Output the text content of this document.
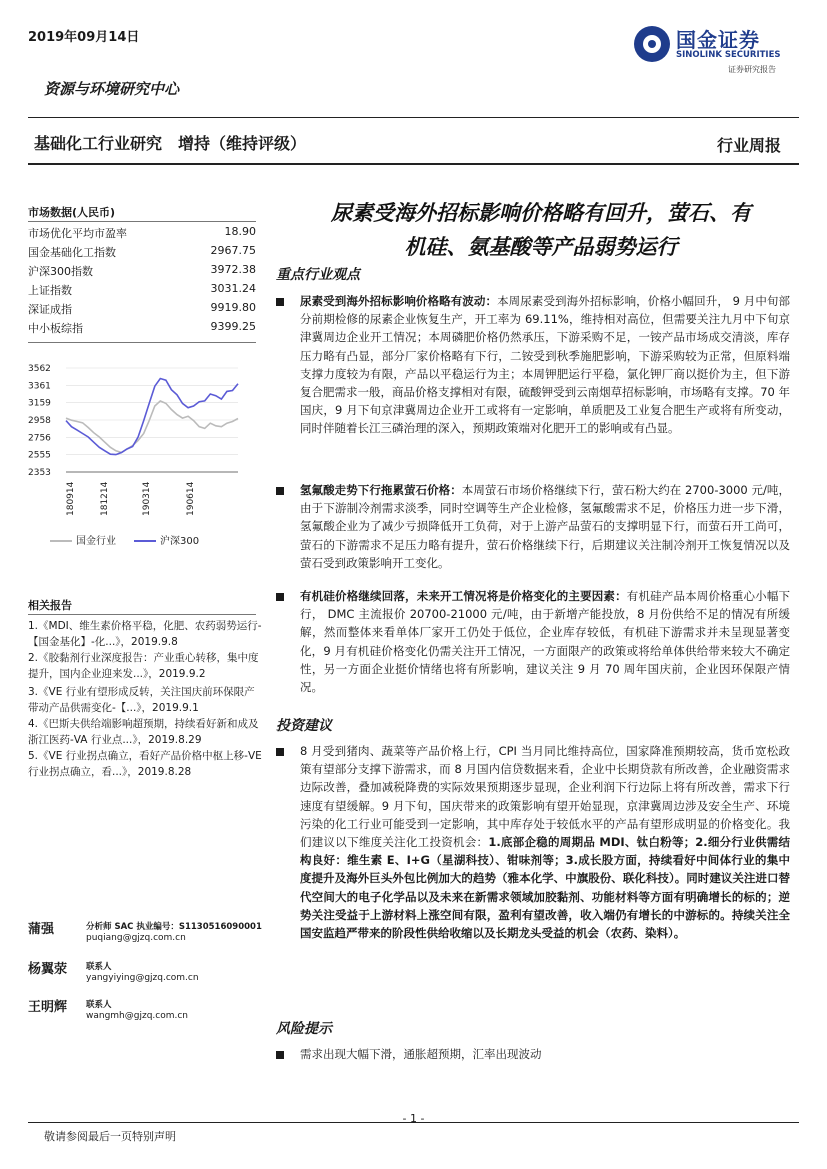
2019年09月14日	国金证券
SINOLINK SECURITIES
证券研究报告
资源与环境研究中心
基础化工行业研究　增持（维持评级）	行业周报
市场数据(人民币)
市场优化平均市盈率	18.90
国金基础化工指数	2967.75
沪深300指数	3972.38
上证指数	3031.24
深证成指	9919.80
中小板综指	9399.25
3562
3361
3159
2958
2756
2555
2353
180914	181214	190314	190614
国金行业	沪深300
相关报告
1.《MDI、维生素价格平稳，化肥、农药弱势运行-【国金基化】-化...》，2019.9.8
2.《胶黏剂行业深度报告：产业重心转移，集中度提升，国内企业迎来发...》，2019.9.2
3.《VE 行业有望形成反转，关注国庆前环保限产带动产品供需变化-【...》，2019.9.1
4.《巴斯夫供给端影响超预期，持续看好新和成及浙江医药-VA 行业点...》，2019.8.29
5.《VE 行业拐点确立，看好产品价格中枢上移-VE 行业拐点确立，看...》，2019.8.28
蒲强	分析师 SAC 执业编号：S1130516090001
puqiang@gjzq.com.cn
杨翼荥 联系人
yangyiying@gjzq.com.cn
王明辉 联系人
wangmh@gjzq.com.cn
尿素受海外招标影响价格略有回升，萤石、有
机硅、氨基酸等产品弱势运行
重点行业观点
尿素受到海外招标影响价格略有波动：本周尿素受到海外招标影响，价格小幅回升， 9 月中旬部分前期检修的尿素企业恢复生产，开工率为 69.11%，维持相对高位，但需要关注九月中下旬京津冀周边企业开工情况；本周磷肥价格仍然承压，下游采购不足，一铵产品市场成交清淡，库存压力略有凸显，部分厂家价格略有下行，二铵受到秋季施肥影响，下游采购较为正常，但原料端支撑力度较为有限，产品以平稳运行为主；本周钾肥运行平稳，氯化钾厂商以挺价为主，但下游复合肥需求一般，商品价格支撑相对有限，硫酸钾受到云南烟草招标影响，市场略有支撑。70 年国庆，9 月下旬京津冀周边企业开工或将有一定影响，单质肥及工业复合肥生产或将有所变动，同时伴随着长江三磷治理的深入，预期政策端对化肥开工的影响或有凸显。
氢氟酸走势下行拖累萤石价格：本周萤石市场价格继续下行，萤石粉大约在 2700-3000 元/吨，由于下游制冷剂需求淡季，同时空调等生产企业检修，氢氟酸需求不足，价格压力进一步下滑，氢氟酸企业为了减少亏损降低开工负荷，对于上游产品萤石的支撑明显下行，而萤石开工尚可，萤石的下游需求不足压力略有提升，萤石价格继续下行，后期建议关注制冷剂开工恢复情况以及萤石受到政策影响开工变化。
有机硅价格继续回落，未来开工情况将是价格变化的主要因素：有机硅产品本周价格重心小幅下行， DMC 主流报价 20700-21000 元/吨，由于新增产能投放，8 月份供给不足的情况有所缓解，然而整体来看单体厂家开工仍处于低位，企业库存较低，有机硅下游需求并未呈现显著变化，9 月有机硅价格变化仍需关注开工情况，一方面限产的政策或将给单体供给带来较大不确定性，另一方面企业挺价情绪也将有所影响，建议关注 9 月 70 周年国庆前，企业因环保限产情况。
投资建议
8 月受到猪肉、蔬菜等产品价格上行，CPI 当月同比维持高位，国家降准预期较高，货币宽松政策有望部分支撑下游需求，而 8 月国内信贷数据来看，企业中长期贷款有所改善，企业融资需求边际改善，叠加减税降费的实际效果预期逐步显现，企业利润下行边际上将有所改善，需求下行速度有望缓解。9 月下旬，国庆带来的政策影响有望开始显现，京津冀周边涉及安全生产、环境污染的化工行业可能受到一定影响，其中库存处于较低水平的产品有望形成明显的价格变化。我们建议以下维度关注化工投资机会：1.底部企稳的周期品 MDI、钛白粉等；2.细分行业供需结构良好：维生素 E、I+G（星湖科技）、钳味剂等；3.成长股方面，持续看好中间体行业的集中度提升及海外巨头外包比例加大的趋势（雅本化学、中旗股份、联化科技）。同时建议关注进口替代空间大的电子化学品以及未来在新需求领域加胶黏剂、功能材料等方面有明确增长的标的；逆势关注受益于上游材料上涨空间有限，盈利有望改善，收入端仍有增长的中游标的。持续关注全国安监趋严带来的阶段性供给收缩以及长期龙头受益的机会（农药、染料）。
风险提示
需求出现大幅下滑，通胀超预期，汇率出现波动
- 1 -
敬请参阅最后一页特别声明
